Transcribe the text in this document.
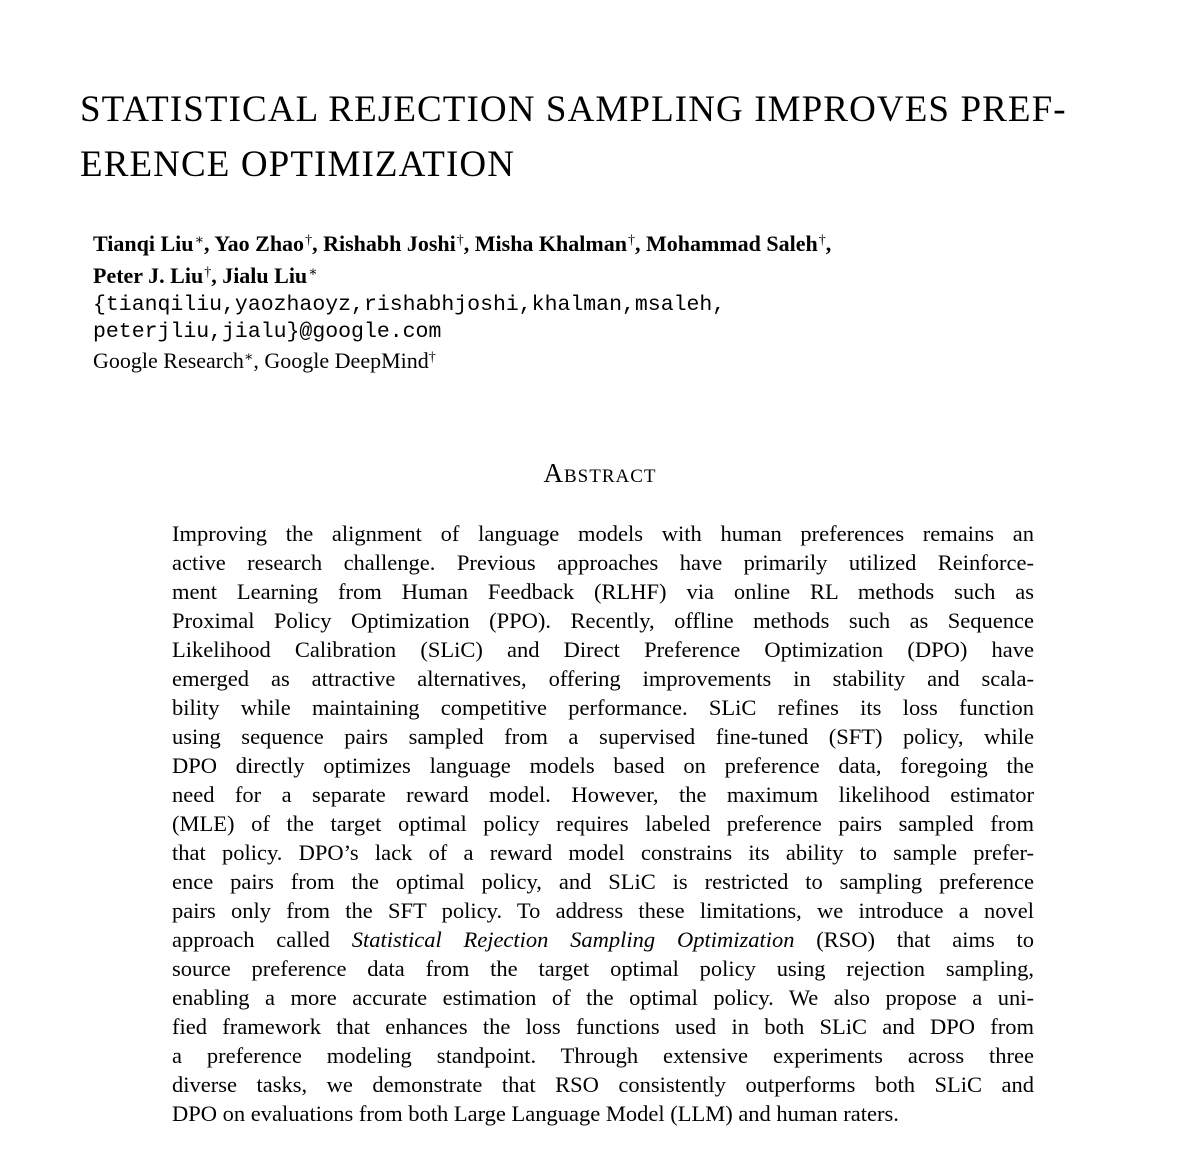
STATISTICAL REJECTION SAMPLING IMPROVES PREF-
ERENCE OPTIMIZATION
Tianqi Liu∗, Yao Zhao†, Rishabh Joshi†, Misha Khalman†, Mohammad Saleh†,
Peter J. Liu†, Jialu Liu∗
{tianqiliu,yaozhaoyz,rishabhjoshi,khalman,msaleh,
peterjliu,jialu}@google.com
Google Research∗, Google DeepMind†
Abstract
Improving the alignment of language models with human preferences remains an
active research challenge. Previous approaches have primarily utilized Reinforce-
ment Learning from Human Feedback (RLHF) via online RL methods such as
Proximal Policy Optimization (PPO). Recently, offline methods such as Sequence
Likelihood Calibration (SLiC) and Direct Preference Optimization (DPO) have
emerged as attractive alternatives, offering improvements in stability and scala-
bility while maintaining competitive performance. SLiC refines its loss function
using sequence pairs sampled from a supervised fine-tuned (SFT) policy, while
DPO directly optimizes language models based on preference data, foregoing the
need for a separate reward model. However, the maximum likelihood estimator
(MLE) of the target optimal policy requires labeled preference pairs sampled from
that policy. DPO’s lack of a reward model constrains its ability to sample prefer-
ence pairs from the optimal policy, and SLiC is restricted to sampling preference
pairs only from the SFT policy. To address these limitations, we introduce a novel
approach called Statistical Rejection Sampling Optimization (RSO) that aims to
source preference data from the target optimal policy using rejection sampling,
enabling a more accurate estimation of the optimal policy. We also propose a uni-
fied framework that enhances the loss functions used in both SLiC and DPO from
a preference modeling standpoint. Through extensive experiments across three
diverse tasks, we demonstrate that RSO consistently outperforms both SLiC and
DPO on evaluations from both Large Language Model (LLM) and human raters.
